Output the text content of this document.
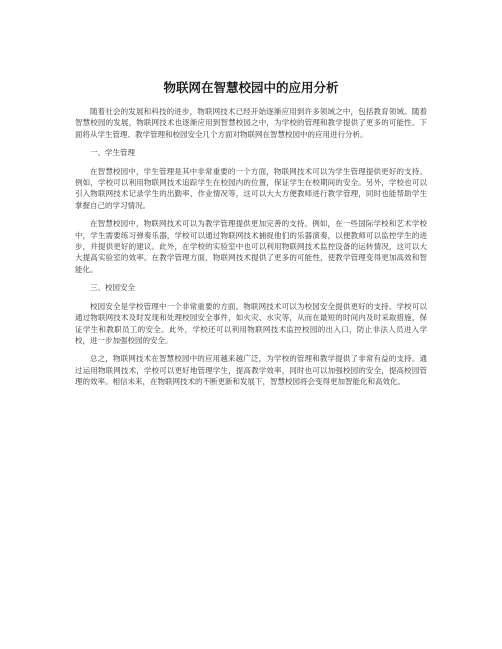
物联网在智慧校园中的应用分析

随着社会的发展和科技的进步，物联网技术已经开始逐渐应用到许多领域之中，包括教育领域。随着智慧校园的发展，物联网技术也逐渐应用到智慧校园之中，为学校的管理和教学提供了更多的可能性。下面将从学生管理、教学管理和校园安全几个方面对物联网在智慧校园中的应用进行分析。

一、学生管理

在智慧校园中，学生管理是其中非常重要的一个方面，物联网技术可以为学生管理提供更好的支持。例如，学校可以利用物联网技术追踪学生在校园内的位置，保证学生在校期间的安全。另外，学校也可以引入物联网技术记录学生的出勤率、作业情况等，这可以大大方便教师进行教学管理，同时也能帮助学生掌握自己的学习情况。

在智慧校园中，物联网技术可以为教学管理提供更加完善的支持。例如，在一些国际学校和艺术学校中，学生需要练习弹奏乐器，学校可以通过物联网技术捕捉他们的乐器演奏，以便教师可以监控学生的进步，并提供更好的建议。此外，在学校的实验室中也可以利用物联网技术监控设备的运转情况，这可以大大提高实验室的效率。在教学管理方面，物联网技术提供了更多的可能性，使教学管理变得更加高效和智能化。

三、校园安全

校园安全是学校管理中一个非常重要的方面。物联网技术可以为校园安全提供更好的支持。学校可以通过物联网技术及时发现和处理校园安全事件，如火灾、水灾等，从而在最短的时间内及时采取措施，保证学生和教职员工的安全。此外，学校还可以利用物联网技术监控校园的出入口，防止非法人员进入学校，进一步加强校园的安全。

总之，物联网技术在智慧校园中的应用越来越广泛，为学校的管理和教学提供了非常有益的支持。通过运用物联网技术，学校可以更好地管理学生，提高教学效率，同时也可以加强校园的安全，提高校园管理的效率。相信未来，在物联网技术的不断更新和发展下，智慧校园将会变得更加智能化和高效化。
